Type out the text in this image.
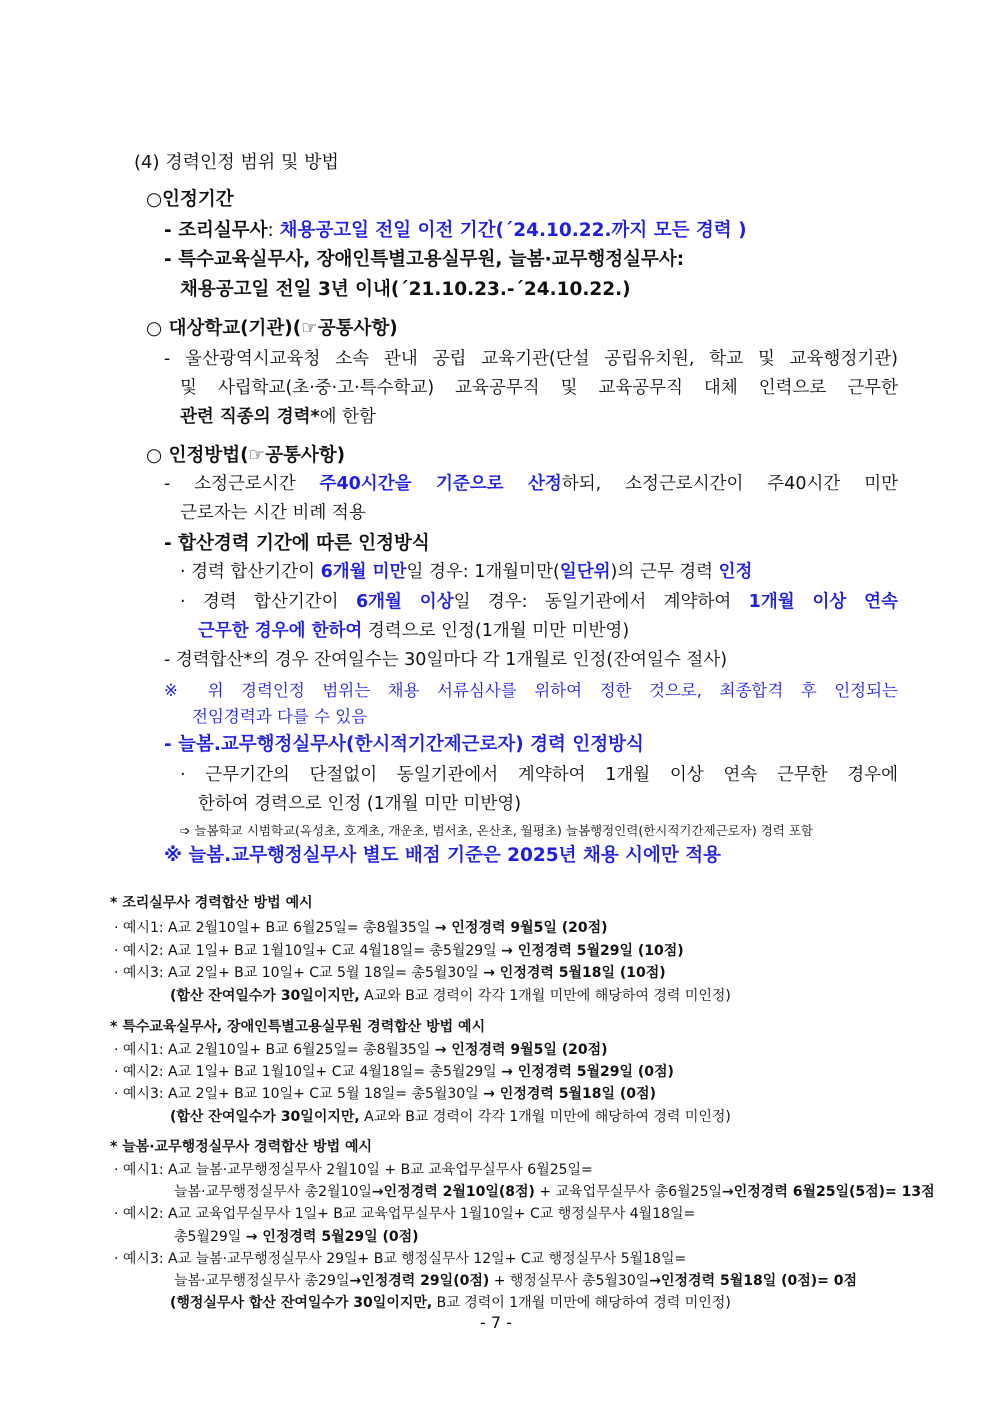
(4) 경력인정 범위 및 방법
○인정기간
- 조리실무사: 채용공고일 전일 이전 기간(´24.10.22.까지 모든 경력 )
- 특수교육실무사, 장애인특별고용실무원, 늘봄·교무행정실무사:
채용공고일 전일 3년 이내(´21.10.23.-´24.10.22.)
○ 대상학교(기관)(☞공통사항)
- 울산광역시교육청 소속 관내 공립 교육기관(단설 공립유치원, 학교 및 교육행정기관)
및 사립학교(초·중·고·특수학교) 교육공무직 및 교육공무직 대체 인력으로 근무한
관련 직종의 경력*에 한함
○ 인정방법(☞공통사항)
- 소정근로시간 주40시간을 기준으로 산정하되, 소정근로시간이 주40시간 미만
근로자는 시간 비례 적용
- 합산경력 기간에 따른 인정방식
· 경력 합산기간이 6개월 미만일 경우: 1개월미만(일단위)의 근무 경력 인정
· 경력 합산기간이 6개월 이상일 경우: 동일기관에서 계약하여 1개월 이상 연속
근무한 경우에 한하여 경력으로 인정(1개월 미만 미반영)
- 경력합산*의 경우 잔여일수는 30일마다 각 1개월로 인정(잔여일수 절사)
※ 위 경력인정 범위는 채용 서류심사를 위하여 정한 것으로, 최종합격 후 인정되는
전임경력과 다를 수 있음
- 늘봄.교무행정실무사(한시적기간제근로자) 경력 인정방식
· 근무기간의 단절없이 동일기관에서 계약하여 1개월 이상 연속 근무한 경우에
한하여 경력으로 인정 (1개월 미만 미반영)
➩ 늘봄학교 시범학교(옥성초, 호계초, 개운초, 범서초, 온산초, 월평초) 늘봄행정인력(한시적기간제근로자) 경력 포함
※ 늘봄.교무행정실무사 별도 배점 기준은 2025년 채용 시에만 적용
* 조리실무사 경력합산 방법 예시
· 예시1: A교 2월10일+ B교 6월25일= 총8월35일 → 인정경력 9월5일 (20점)
· 예시2: A교 1일+ B교 1월10일+ C교 4월18일= 총5월29일 → 인정경력 5월29일 (10점)
· 예시3: A교 2일+ B교 10일+ C교 5월 18일= 총5월30일 → 인정경력 5월18일 (10점)
(합산 잔여일수가 30일이지만, A교와 B교 경력이 각각 1개월 미만에 해당하여 경력 미인정)
* 특수교육실무사, 장애인특별고용실무원 경력합산 방법 예시
· 예시1: A교 2월10일+ B교 6월25일= 총8월35일 → 인정경력 9월5일 (20점)
· 예시2: A교 1일+ B교 1월10일+ C교 4월18일= 총5월29일 → 인정경력 5월29일 (0점)
· 예시3: A교 2일+ B교 10일+ C교 5월 18일= 총5월30일 → 인정경력 5월18일 (0점)
(합산 잔여일수가 30일이지만, A교와 B교 경력이 각각 1개월 미만에 해당하여 경력 미인정)
* 늘봄·교무행정실무사 경력합산 방법 예시
· 예시1: A교 늘봄·교무행정실무사 2월10일 + B교 교육업무실무사 6월25일=
늘봄·교무행정실무사 총2월10일→인정경력 2월10일(8점) + 교육업무실무사 총6월25일→인정경력 6월25일(5점)= 13점
· 예시2: A교 교육업무실무사 1일+ B교 교육업무실무사 1월10일+ C교 행정실무사 4월18일=
총5월29일 → 인정경력 5월29일 (0점)
· 예시3: A교 늘봄·교무행정실무사 29일+ B교 행정실무사 12일+ C교 행정실무사 5월18일=
늘봄·교무행정실무사 총29일→인정경력 29일(0점) + 행정실무사 총5월30일→인정경력 5월18일 (0점)= 0점
(행정실무사 합산 잔여일수가 30일이지만, B교 경력이 1개월 미만에 해당하여 경력 미인정)
- 7 -
